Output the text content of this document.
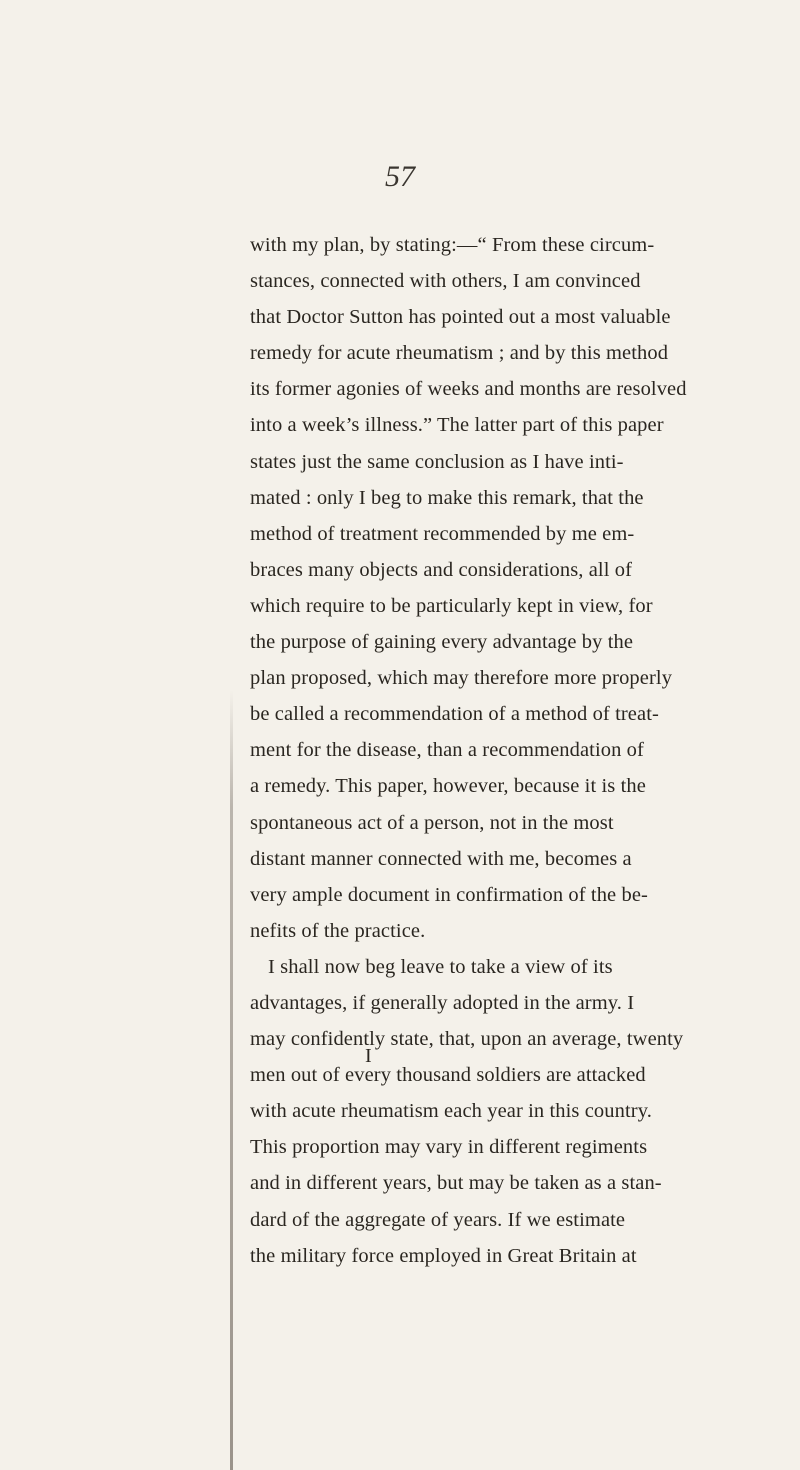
57
with my plan, by stating:—“ From these circum-
stances, connected with others, I am convinced
that Doctor Sutton has pointed out a most valuable
remedy for acute rheumatism ; and by this method
its former agonies of weeks and months are resolved
into a week’s illness.” The latter part of this paper
states just the same conclusion as I have inti-
mated : only I beg to make this remark, that the
method of treatment recommended by me em-
braces many objects and considerations, all of
which require to be particularly kept in view, for
the purpose of gaining every advantage by the
plan proposed, which may therefore more properly
be called a recommendation of a method of treat-
ment for the disease, than a recommendation of
a remedy. This paper, however, because it is the
spontaneous act of a person, not in the most
distant manner connected with me, becomes a
very ample document in confirmation of the be-
nefits of the practice.
I shall now beg leave to take a view of its
advantages, if generally adopted in the army. I
may confidently state, that, upon an average, twenty
men out of every thousand soldiers are attacked
with acute rheumatism each year in this country.
This proportion may vary in different regiments
and in different years, but may be taken as a stan-
dard of the aggregate of years. If we estimate
the military force employed in Great Britain at
I
